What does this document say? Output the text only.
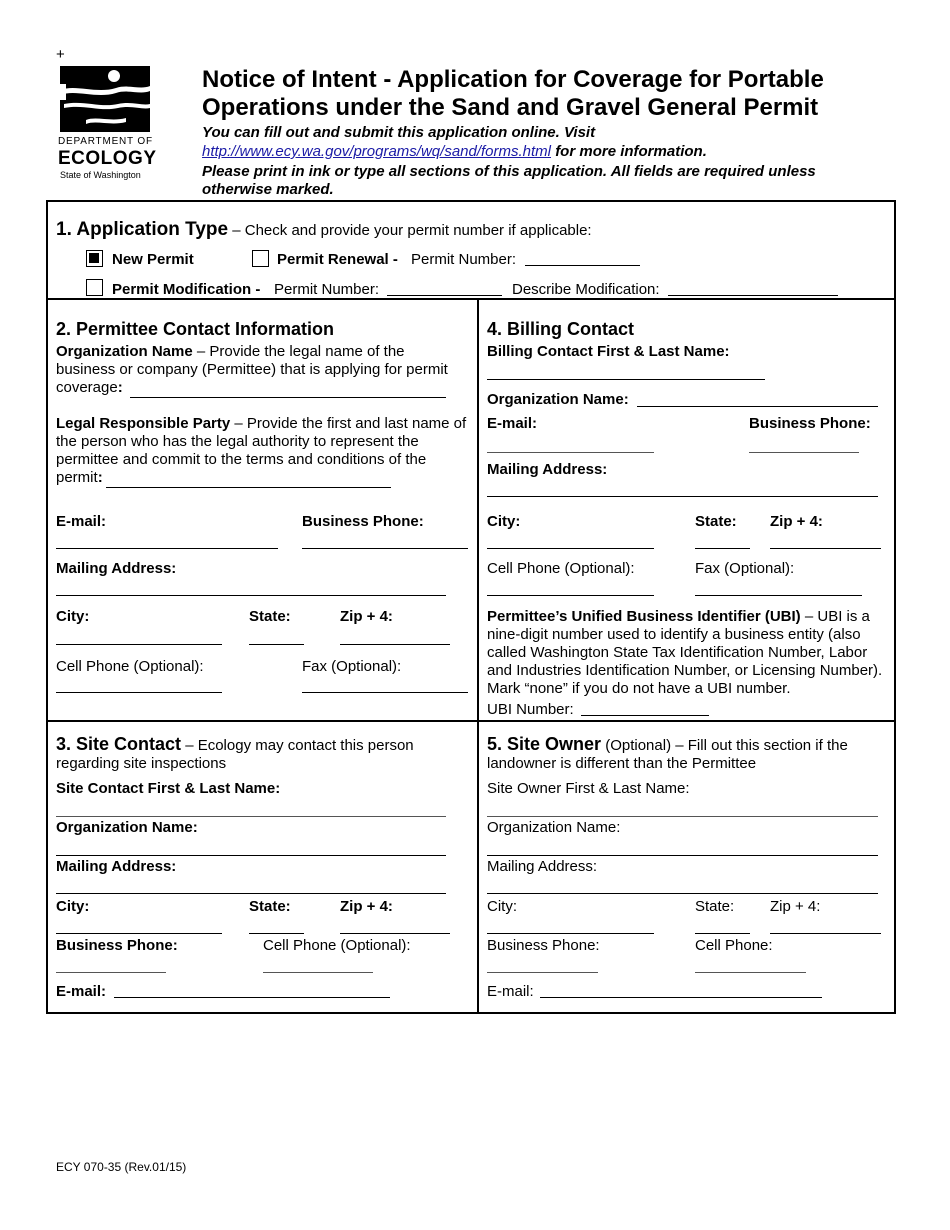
+
DEPARTMENT OF
ECOLOGY
State of Washington
Notice of Intent - Application for Coverage for Portable
Operations under the Sand and Gravel General Permit
You can fill out and submit this application online. Visit
http://www.ecy.wa.gov/programs/wq/sand/forms.html for more information.
Please print in ink or type all sections of this application. All fields are required unless otherwise marked.
1. Application Type – Check and provide your permit number if applicable:
New Permit	Permit Renewal - Permit Number:
Permit Modification - Permit Number:	Describe Modification:
2. Permittee Contact Information
Organization Name – Provide the legal name of the business or company (Permittee) that is applying for permit coverage:
Legal Responsible Party – Provide the first and last name of the person who has the legal authority to represent the permittee and commit to the terms and conditions of the permit:
E-mail:	Business Phone:
Mailing Address:
City:	State:	Zip + 4:
Cell Phone (Optional):	Fax (Optional):
4. Billing Contact
Billing Contact First & Last Name:
Organization Name:
E-mail:	Business Phone:
Mailing Address:
City:	State: Zip + 4:
Cell Phone (Optional):	Fax (Optional):
Permittee’s Unified Business Identifier (UBI) – UBI is a nine-digit number used to identify a business entity (also called Washington State Tax Identification Number, Labor and Industries Identification Number, or Licensing Number). Mark “none” if you do not have a UBI number.
UBI Number:
3. Site Contact – Ecology may contact this person regarding site inspections
Site Contact First & Last Name:
Organization Name:
Mailing Address:
City:	State:	Zip + 4:
Business Phone:	Cell Phone (Optional):
E-mail:
5. Site Owner (Optional) – Fill out this section if the landowner is different than the Permittee
Site Owner First & Last Name:
Organization Name:
Mailing Address:
City:	State: Zip + 4:
Business Phone:	Cell Phone:
E-mail:
ECY 070-35 (Rev.01/15)
